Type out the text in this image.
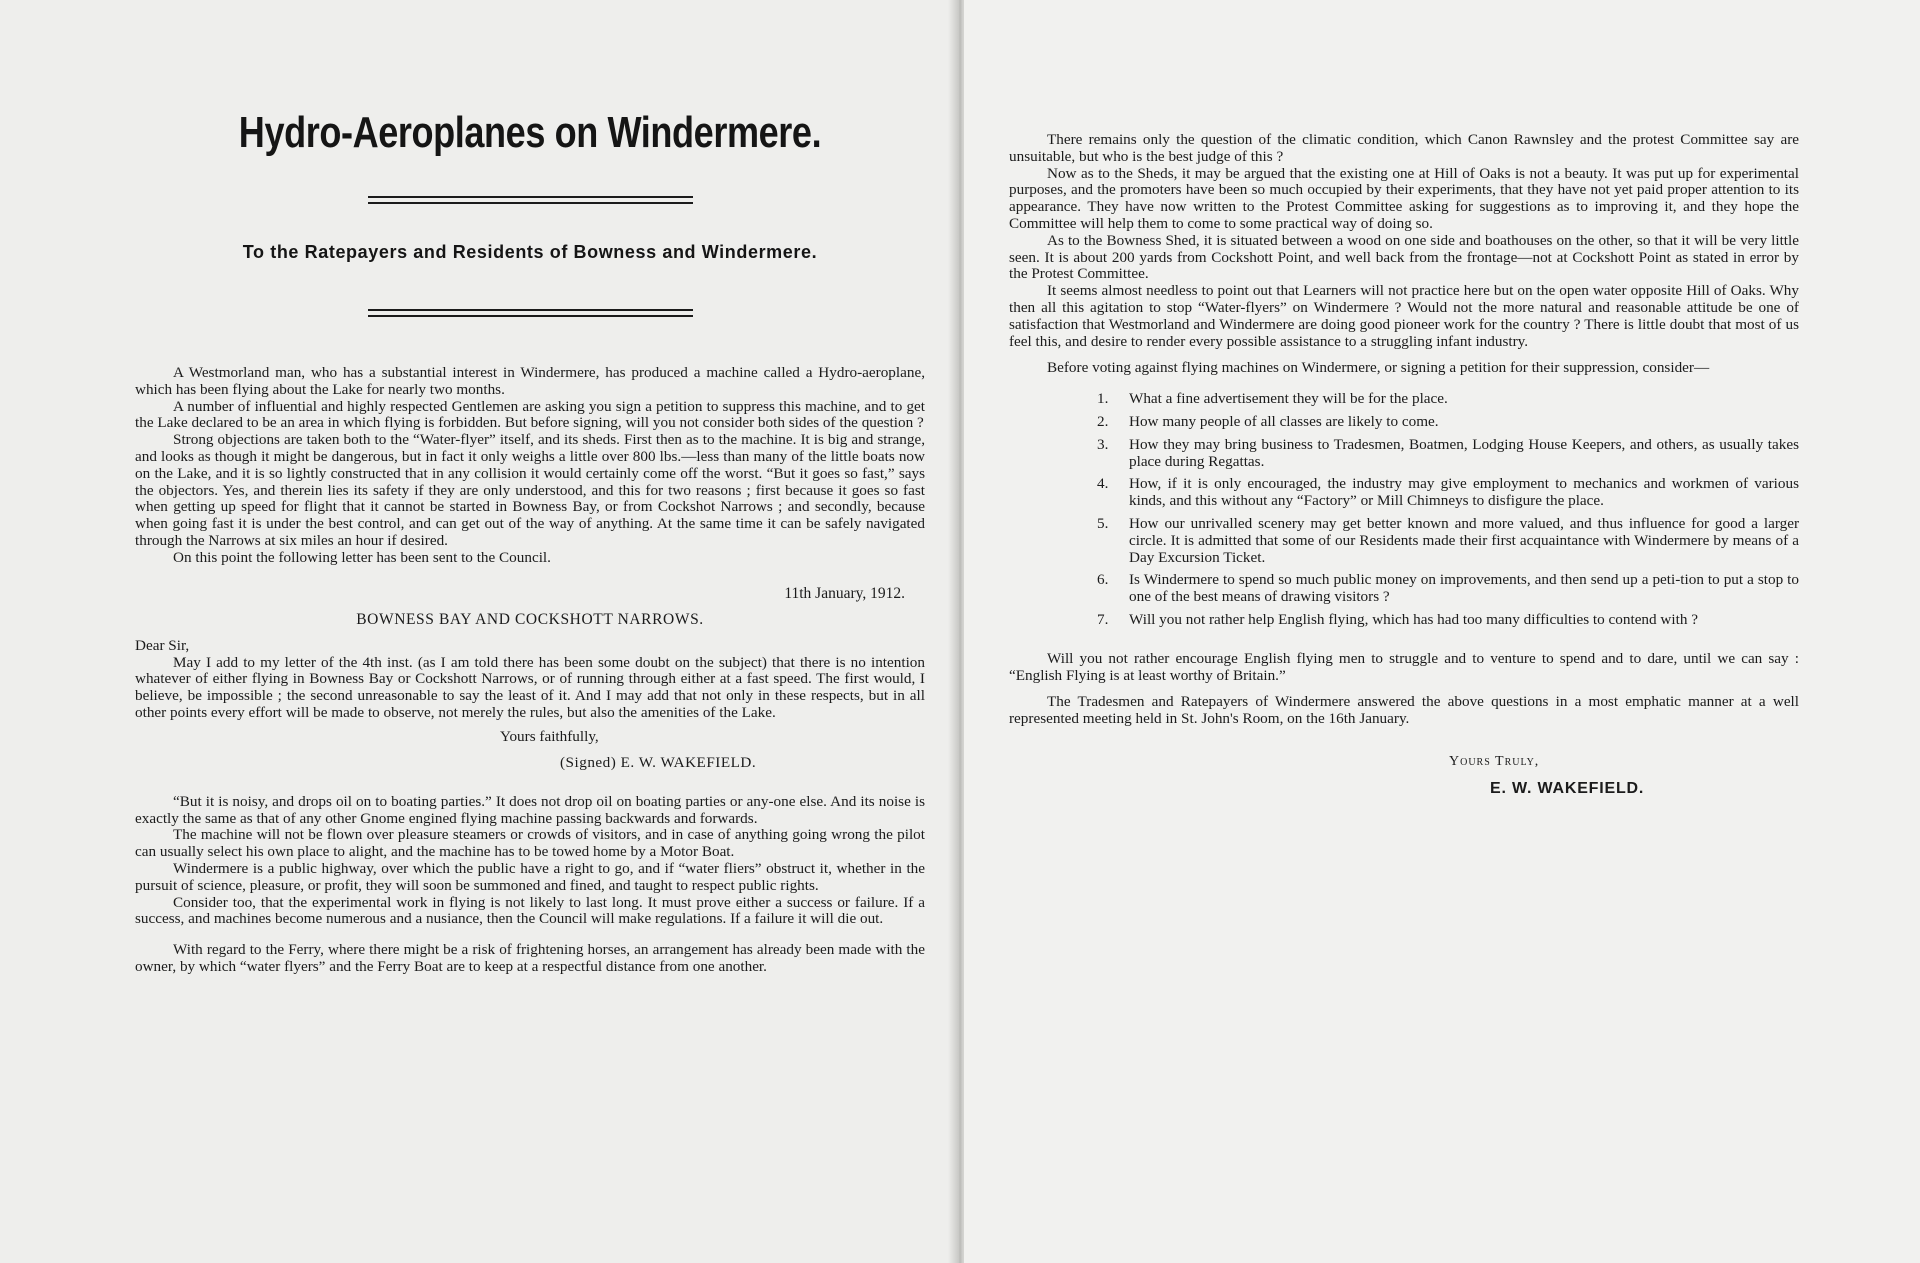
Hydro-Aeroplanes on Windermere.
To the Ratepayers and Residents of Bowness and Windermere.

A Westmorland man, who has a substantial interest in Windermere, has produced a machine called a Hydro-aeroplane, which has been flying about the Lake for nearly two months.

A number of influential and highly respected Gentlemen are asking you sign a petition to suppress this machine, and to get the Lake declared to be an area in which flying is forbidden. But before signing, will you not consider both sides of the question ?

Strong objections are taken both to the “Water-flyer” itself, and its sheds. First then as to the machine. It is big and strange, and looks as though it might be dangerous, but in fact it only weighs a little over 800 lbs.—less than many of the little boats now on the Lake, and it is so lightly constructed that in any collision it would certainly come off the worst. “But it goes so fast,” says the objectors. Yes, and therein lies its safety if they are only understood, and this for two reasons ; first because it goes so fast when getting up speed for flight that it cannot be started in Bowness Bay, or from Cockshot Narrows ; and secondly, because when going fast it is under the best control, and can get out of the way of anything. At the same time it can be safely navigated through the Narrows at six miles an hour if desired.

On this point the following letter has been sent to the Council.

11th January, 1912.
BOWNESS BAY AND COCKSHOTT NARROWS.
Dear Sir,

May I add to my letter of the 4th inst. (as I am told there has been some doubt on the subject) that there is no intention whatever of either flying in Bowness Bay or Cockshott Narrows, or of running through either at a fast speed. The first would, I believe, be impossible ; the second unreasonable to say the least of it. And I may add that not only in these respects, but in all other points every effort will be made to observe, not merely the rules, but also the amenities of the Lake.

Yours faithfully,
(Signed) E. W. WAKEFIELD.

“But it is noisy, and drops oil on to boating parties.” It does not drop oil on boating parties or any-one else. And its noise is exactly the same as that of any other Gnome engined flying machine passing backwards and forwards.

The machine will not be flown over pleasure steamers or crowds of visitors, and in case of anything going wrong the pilot can usually select his own place to alight, and the machine has to be towed home by a Motor Boat.

Windermere is a public highway, over which the public have a right to go, and if “water fliers” obstruct it, whether in the pursuit of science, pleasure, or profit, they will soon be summoned and fined, and taught to respect public rights.

Consider too, that the experimental work in flying is not likely to last long. It must prove either a success or failure. If a success, and machines become numerous and a nusiance, then the Council will make regulations. If a failure it will die out.

With regard to the Ferry, where there might be a risk of frightening horses, an arrangement has already been made with the owner, by which “water flyers” and the Ferry Boat are to keep at a respectful distance from one another.

There remains only the question of the climatic condition, which Canon Rawnsley and the protest Committee say are unsuitable, but who is the best judge of this ?

Now as to the Sheds, it may be argued that the existing one at Hill of Oaks is not a beauty. It was put up for experimental purposes, and the promoters have been so much occupied by their experiments, that they have not yet paid proper attention to its appearance. They have now written to the Protest Committee asking for suggestions as to improving it, and they hope the Committee will help them to come to some practical way of doing so.

As to the Bowness Shed, it is situated between a wood on one side and boathouses on the other, so that it will be very little seen. It is about 200 yards from Cockshott Point, and well back from the frontage—not at Cockshott Point as stated in error by the Protest Committee.

It seems almost needless to point out that Learners will not practice here but on the open water opposite Hill of Oaks. Why then all this agitation to stop “Water-flyers” on Windermere ? Would not the more natural and reasonable attitude be one of satisfaction that Westmorland and Windermere are doing good pioneer work for the country ? There is little doubt that most of us feel this, and desire to render every possible assistance to a struggling infant industry.

Before voting against flying machines on Windermere, or signing a petition for their suppression, consider—

1. What a fine advertisement they will be for the place.
2. How many people of all classes are likely to come.
3. How they may bring business to Tradesmen, Boatmen, Lodging House Keepers, and others, as usually takes place during Regattas.
4. How, if it is only encouraged, the industry may give employment to mechanics and workmen of various kinds, and this without any “Factory” or Mill Chimneys to disfigure the place.
5. How our unrivalled scenery may get better known and more valued, and thus influence for good a larger circle. It is admitted that some of our Residents made their first acquaintance with Windermere by means of a Day Excursion Ticket.
6. Is Windermere to spend so much public money on improvements, and then send up a peti-tion to put a stop to one of the best means of drawing visitors ?
7. Will you not rather help English flying, which has had too many difficulties to contend with ?

Will you not rather encourage English flying men to struggle and to venture to spend and to dare, until we can say : “English Flying is at least worthy of Britain.”

The Tradesmen and Ratepayers of Windermere answered the above questions in a most emphatic manner at a well represented meeting held in St. John's Room, on the 16th January.

Yours Truly,
E. W. WAKEFIELD.
